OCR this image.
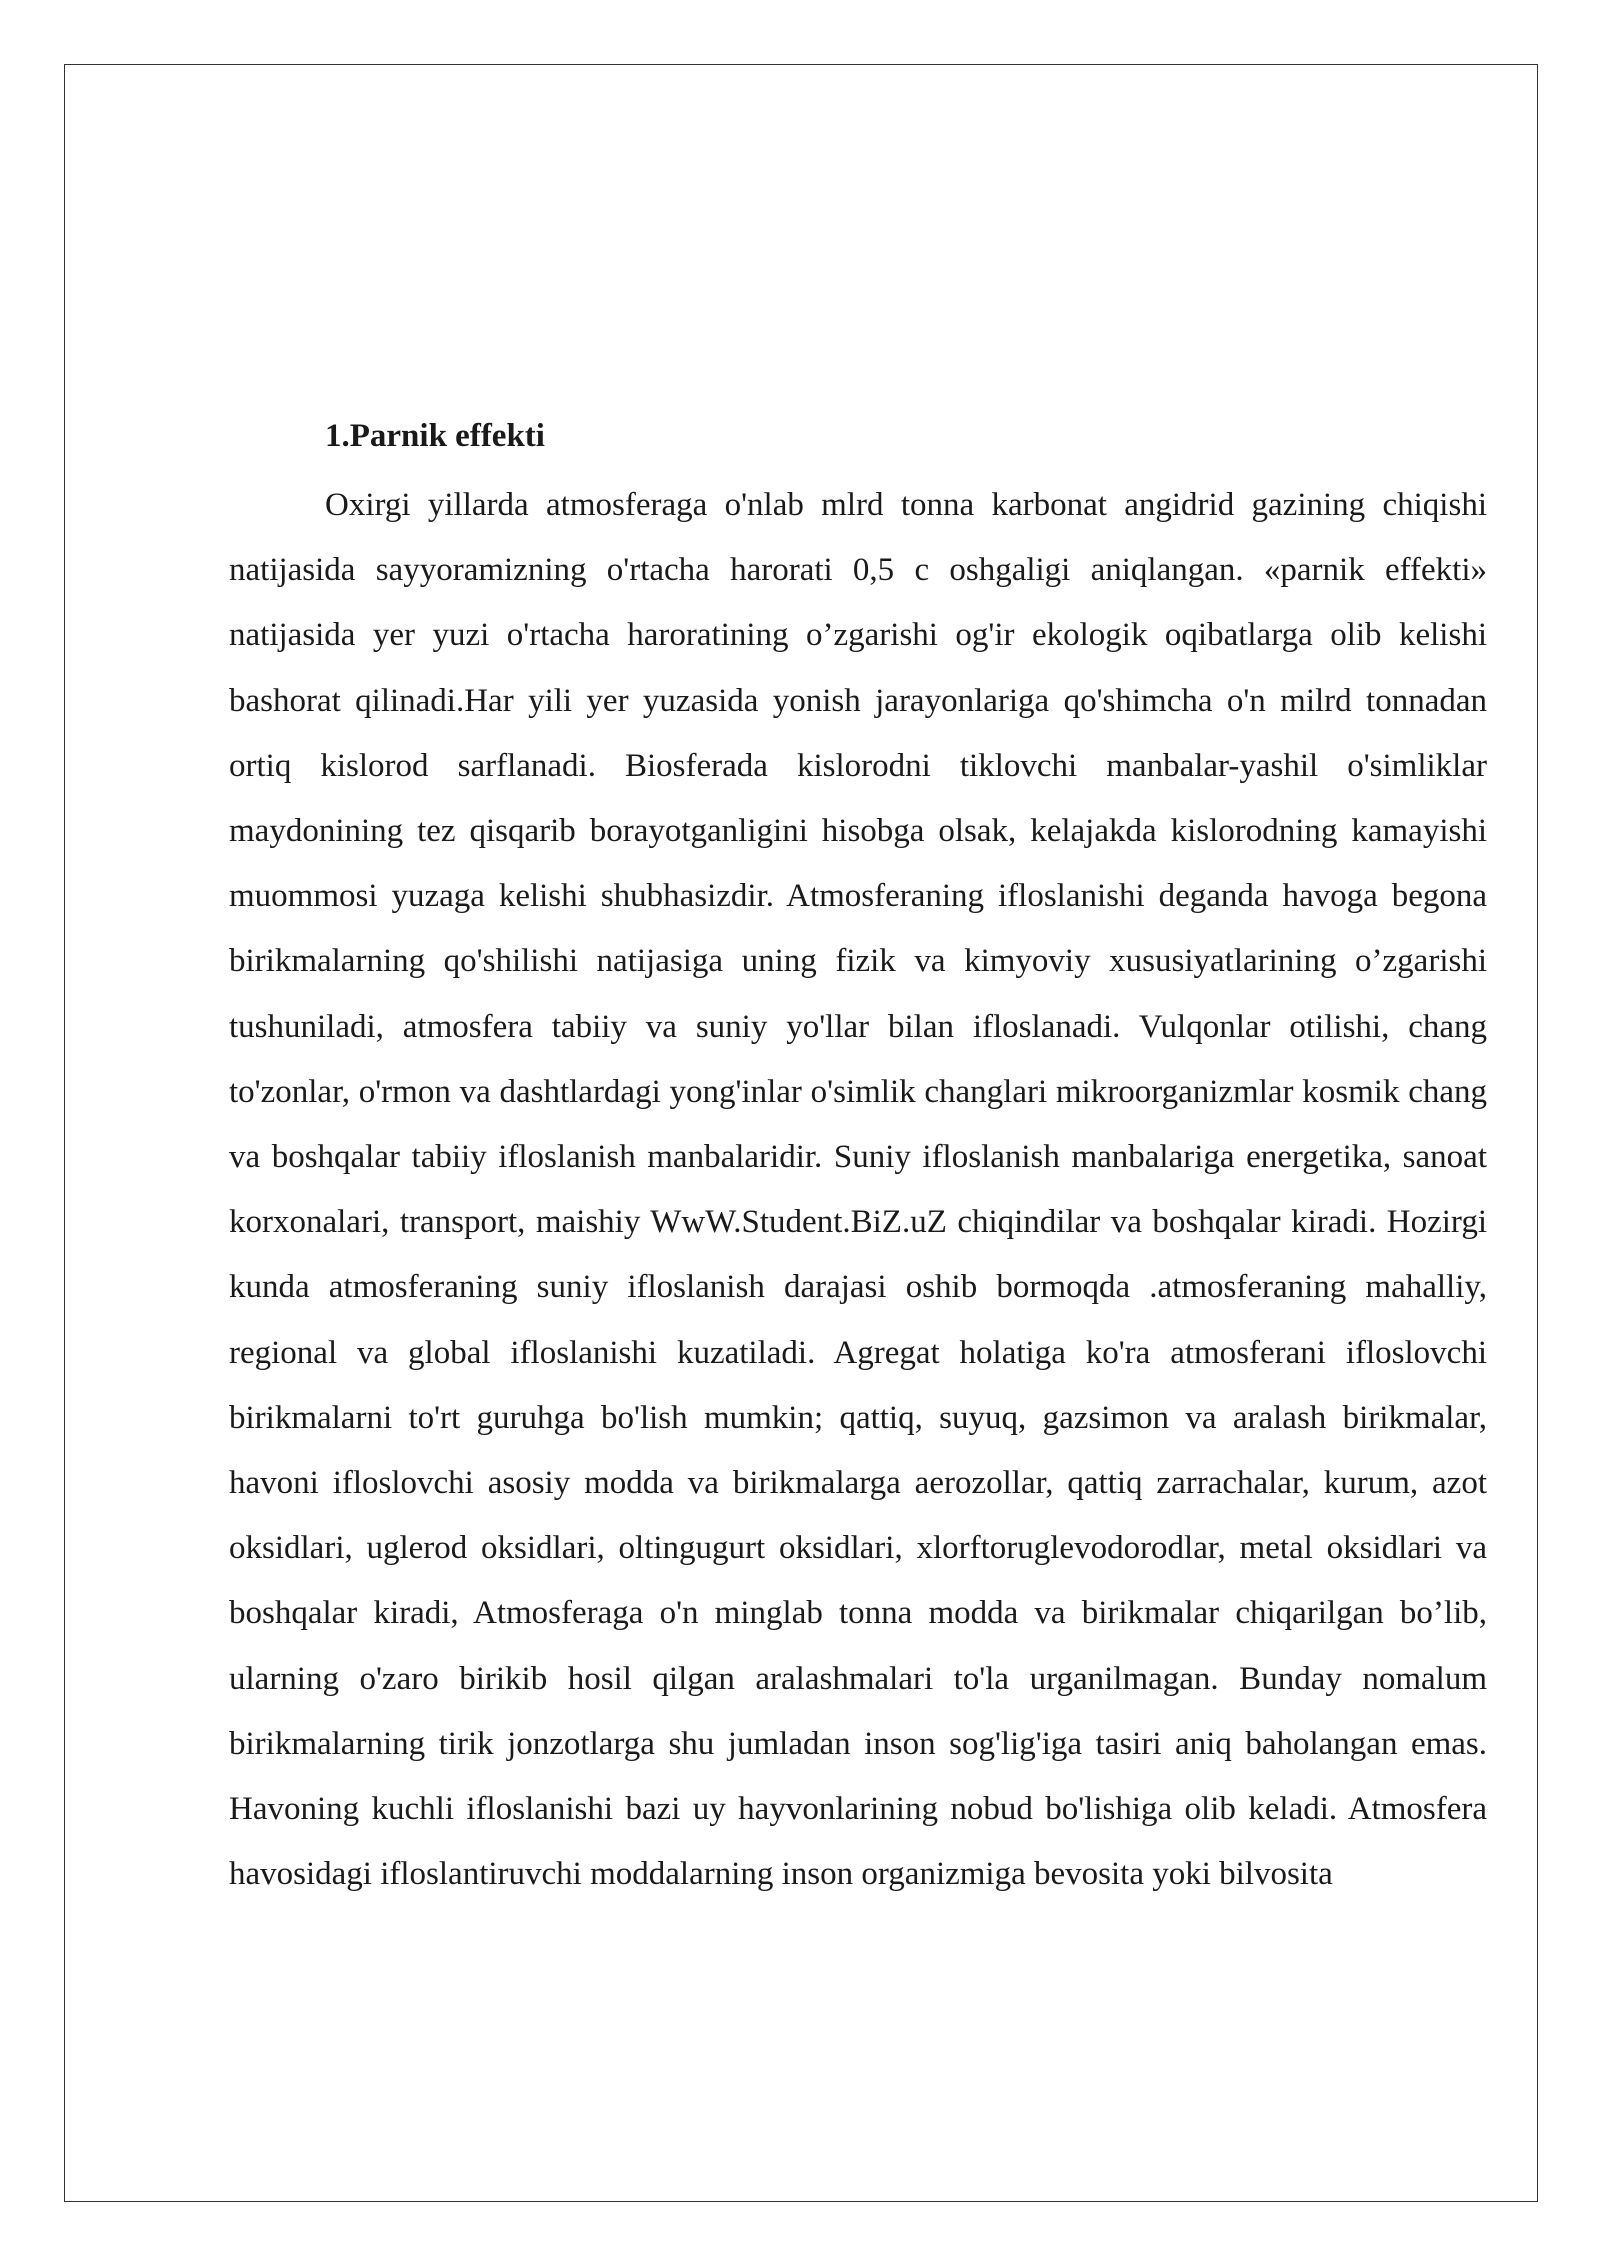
1.Parnik effekti

Oxirgi yillarda atmosferaga o'nlab mlrd tonna karbonat angidrid gazining chiqishi natijasida sayyoramizning o'rtacha harorati 0,5 c oshgaligi aniqlangan. «parnik effekti» natijasida yer yuzi o'rtacha haroratining o’zgarishi og'ir ekologik oqibatlarga olib kelishi bashorat qilinadi.Har yili yer yuzasida yonish jarayonlariga qo'shimcha o'n milrd tonnadan ortiq kislorod sarflanadi. Biosferada kislorodni tiklovchi manbalar-yashil o'simliklar maydonining tez qisqarib borayotganligini hisobga olsak, kelajakda kislorodning kamayishi muommosi yuzaga kelishi shubhasizdir. Atmosferaning ifloslanishi deganda havoga begona birikmalarning qo'shilishi natijasiga uning fizik va kimyoviy xususiyatlarining o’zgarishi tushuniladi, atmosfera tabiiy va suniy yo'llar bilan ifloslanadi. Vulqonlar otilishi, chang to'zonlar, o'rmon va dashtlardagi yong'inlar o'simlik changlari mikroorganizmlar kosmik chang va boshqalar tabiiy ifloslanish manbalaridir. Suniy ifloslanish manbalariga energetika, sanoat korxonalari, transport, maishiy WwW.Student.BiZ.uZ chiqindilar va boshqalar kiradi. Hozirgi kunda atmosferaning suniy ifloslanish darajasi oshib bormoqda .atmosferaning mahalliy, regional va global ifloslanishi kuzatiladi. Agregat holatiga ko'ra atmosferani ifloslovchi birikmalarni to'rt guruhga bo'lish mumkin; qattiq, suyuq, gazsimon va aralash birikmalar, havoni ifloslovchi asosiy modda va birikmalarga aerozollar, qattiq zarrachalar, kurum, azot oksidlari, uglerod oksidlari, oltingugurt oksidlari, xlorftoruglevodorodlar, metal oksidlari va boshqalar kiradi, Atmosferaga o'n minglab tonna modda va birikmalar chiqarilgan bo’lib, ularning o'zaro birikib hosil qilgan aralashmalari to'la urganilmagan. Bunday nomalum birikmalarning tirik jonzotlarga shu jumladan inson sog'lig'iga tasiri aniq baholangan emas. Havoning kuchli ifloslanishi bazi uy hayvonlarining nobud bo'lishiga olib keladi. Atmosfera havosidagi ifloslantiruvchi moddalarning inson organizmiga bevosita yoki bilvosita
